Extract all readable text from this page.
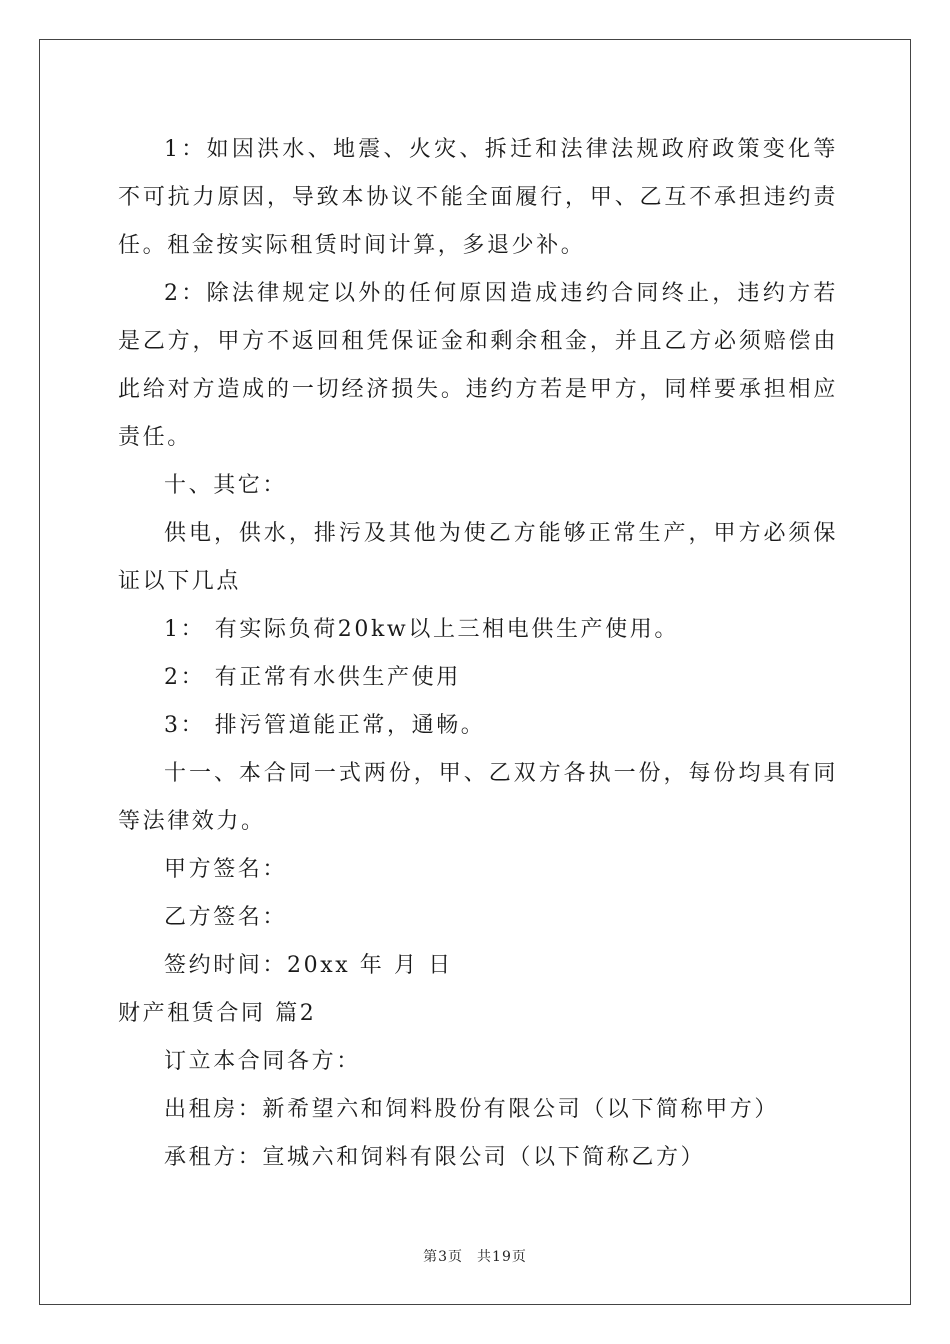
1：如因洪水、地震、火灾、拆迁和法律法规政府政策变化等不可抗力原因，导致本协议不能全面履行，甲、乙互不承担违约责任。租金按实际租赁时间计算，多退少补。

2：除法律规定以外的任何原因造成违约合同终止，违约方若是乙方，甲方不返回租凭保证金和剩余租金，并且乙方必须赔偿由此给对方造成的一切经济损失。违约方若是甲方，同样要承担相应责任。

十、其它：

供电，供水，排污及其他为使乙方能够正常生产，甲方必须保证以下几点

1： 有实际负荷20kw以上三相电供生产使用。

2： 有正常有水供生产使用

3： 排污管道能正常，通畅。

十一、本合同一式两份，甲、乙双方各执一份，每份均具有同等法律效力。

甲方签名：

乙方签名：

签约时间：20xx 年 月 日

财产租赁合同 篇2

订立本合同各方：

出租房：新希望六和饲料股份有限公司（以下简称甲方）

承租方：宣城六和饲料有限公司（以下简称乙方）

第3页 共19页
